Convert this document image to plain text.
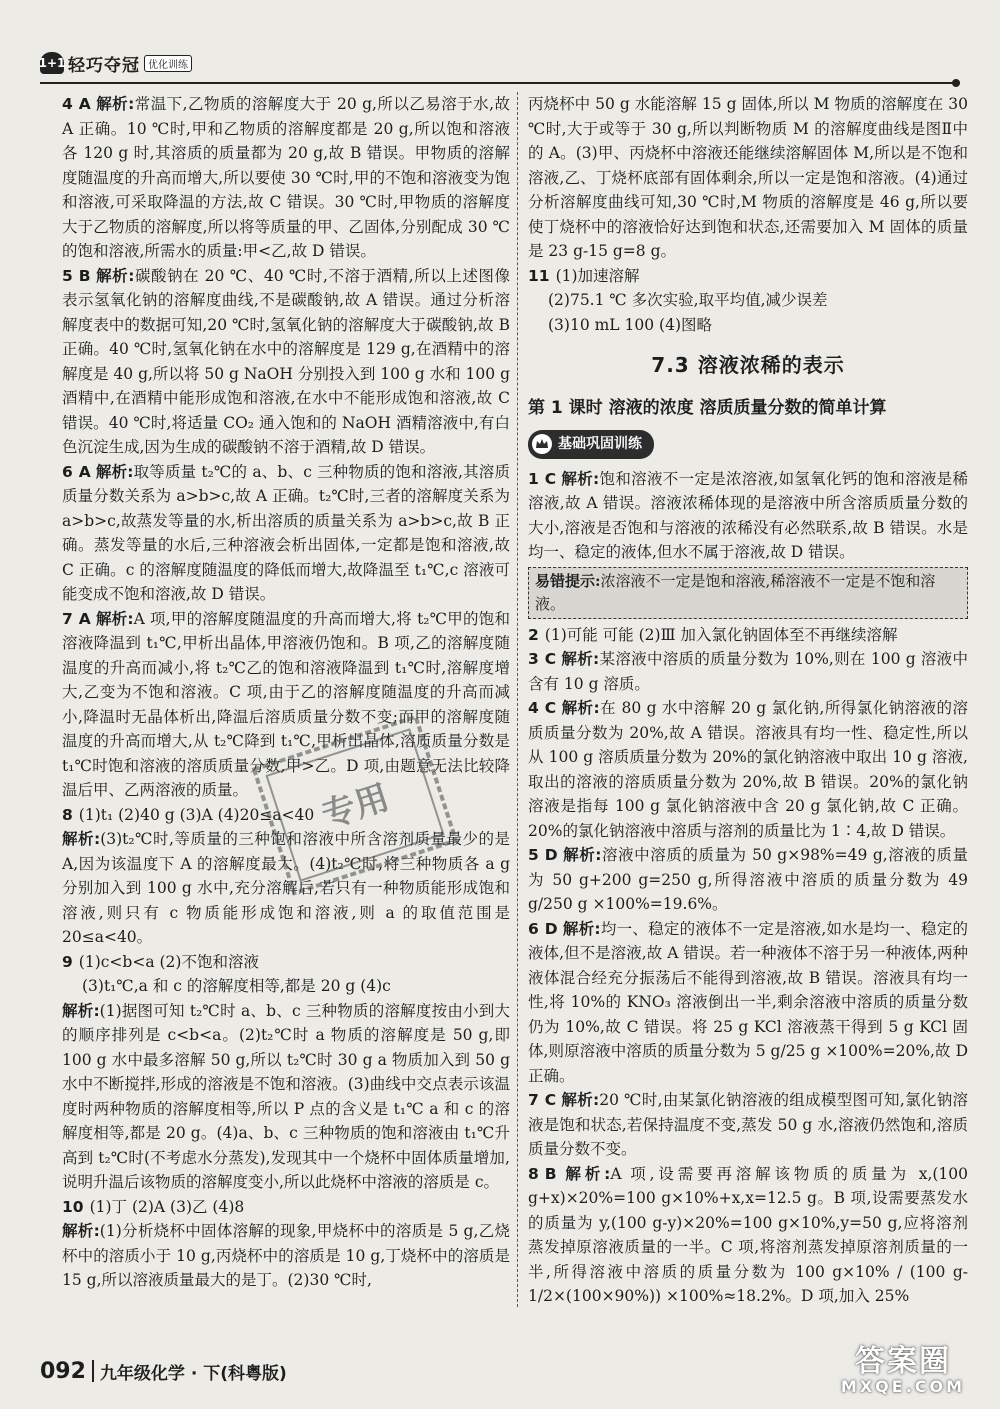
1+1 轻巧夺冠 优化训练
4 A 解析:常温下,乙物质的溶解度大于 20 g,所以乙易溶于水,故 A 正确。10 ℃时,甲和乙物质的溶解度都是 20 g,所以饱和溶液各 120 g 时,其溶质的质量都为 20 g,故 B 错误。甲物质的溶解度随温度的升高而增大,所以要使 30 ℃时,甲的不饱和溶液变为饱和溶液,可采取降温的方法,故 C 错误。30 ℃时,甲物质的溶解度大于乙物质的溶解度,所以将等质量的甲、乙固体,分别配成 30 ℃的饱和溶液,所需水的质量:甲<乙,故 D 错误。
5 B 解析:碳酸钠在 20 ℃、40 ℃时,不溶于酒精,所以上述图像表示氢氧化钠的溶解度曲线,不是碳酸钠,故 A 错误。通过分析溶解度表中的数据可知,20 ℃时,氢氧化钠的溶解度大于碳酸钠,故 B 正确。40 ℃时,氢氧化钠在水中的溶解度是 129 g,在酒精中的溶解度是 40 g,所以将 50 g NaOH 分别投入到 100 g 水和 100 g 酒精中,在酒精中能形成饱和溶液,在水中不能形成饱和溶液,故 C 错误。40 ℃时,将适量 CO₂ 通入饱和的 NaOH 酒精溶液中,有白色沉淀生成,因为生成的碳酸钠不溶于酒精,故 D 错误。
6 A 解析:取等质量 t₂℃的 a、b、c 三种物质的饱和溶液,其溶质质量分数关系为 a>b>c,故 A 正确。t₂℃时,三者的溶解度关系为 a>b>c,故蒸发等量的水,析出溶质的质量关系为 a>b>c,故 B 正确。蒸发等量的水后,三种溶液会析出固体,一定都是饱和溶液,故 C 正确。c 的溶解度随温度的降低而增大,故降温至 t₁℃,c 溶液可能变成不饱和溶液,故 D 错误。
7 A 解析:A 项,甲的溶解度随温度的升高而增大,将 t₂℃甲的饱和溶液降温到 t₁℃,甲析出晶体,甲溶液仍饱和。B 项,乙的溶解度随温度的升高而减小,将 t₂℃乙的饱和溶液降温到 t₁℃时,溶解度增大,乙变为不饱和溶液。C 项,由于乙的溶解度随温度的升高而减小,降温时无晶体析出,降温后溶质质量分数不变;而甲的溶解度随温度的升高而增大,从 t₂℃降到 t₁℃,甲析出晶体,溶质质量分数是 t₁℃时饱和溶液的溶质质量分数,甲>乙。D 项,由题意无法比较降温后甲、乙两溶液的质量。
8 (1)t₁ (2)40 g (3)A (4)20≤a<40
解析:(3)t₂℃时,等质量的三种饱和溶液中所含溶剂质量最少的是 A,因为该温度下 A 的溶解度最大。(4)t₂℃时,将三种物质各 a g 分别加入到 100 g 水中,充分溶解后,若只有一种物质能形成饱和溶液,则只有 c 物质能形成饱和溶液,则 a 的取值范围是 20≤a<40。
9 (1)c<b<a (2)不饱和溶液
(3)t₁℃,a 和 c 的溶解度相等,都是 20 g (4)c
解析:(1)据图可知 t₂℃时 a、b、c 三种物质的溶解度按由小到大的顺序排列是 c<b<a。(2)t₂℃时 a 物质的溶解度是 50 g,即100 g 水中最多溶解 50 g,所以 t₂℃时 30 g a 物质加入到 50 g 水中不断搅拌,形成的溶液是不饱和溶液。(3)曲线中交点表示该温度时两种物质的溶解度相等,所以 P 点的含义是 t₁℃ a 和 c 的溶解度相等,都是 20 g。(4)a、b、c 三种物质的饱和溶液由 t₁℃升高到 t₂℃时(不考虑水分蒸发),发现其中一个烧杯中固体质量增加,说明升温后该物质的溶解度变小,所以此烧杯中溶液的溶质是 c。
10 (1)丁 (2)A (3)乙 (4)8
解析:(1)分析烧杯中固体溶解的现象,甲烧杯中的溶质是 5 g,乙烧杯中的溶质小于 10 g,丙烧杯中的溶质是 10 g,丁烧杯中的溶质是 15 g,所以溶液质量最大的是丁。(2)30 ℃时,
专用
丙烧杯中 50 g 水能溶解 15 g 固体,所以 M 物质的溶解度在 30 ℃时,大于或等于 30 g,所以判断物质 M 的溶解度曲线是图Ⅱ中的 A。(3)甲、丙烧杯中溶液还能继续溶解固体 M,所以是不饱和溶液,乙、丁烧杯底部有固体剩余,所以一定是饱和溶液。(4)通过分析溶解度曲线可知,30 ℃时,M 物质的溶解度是 46 g,所以要使丁烧杯中的溶液恰好达到饱和状态,还需要加入 M 固体的质量是 23 g-15 g=8 g。
11 (1)加速溶解
(2)75.1 ℃ 多次实验,取平均值,减少误差
(3)10 mL 100 (4)图略
7.3 溶液浓稀的表示
第 1 课时 溶液的浓度 溶质质量分数的简单计算
基础巩固训练
1 C 解析:饱和溶液不一定是浓溶液,如氢氧化钙的饱和溶液是稀溶液,故 A 错误。溶液浓稀体现的是溶液中所含溶质质量分数的大小,溶液是否饱和与溶液的浓稀没有必然联系,故 B 错误。水是均一、稳定的液体,但水不属于溶液,故 D 错误。
易错提示:浓溶液不一定是饱和溶液,稀溶液不一定是不饱和溶液。
2 (1)可能 可能 (2)Ⅲ 加入氯化钠固体至不再继续溶解
3 C 解析:某溶液中溶质的质量分数为 10%,则在 100 g 溶液中含有 10 g 溶质。
4 C 解析:在 80 g 水中溶解 20 g 氯化钠,所得氯化钠溶液的溶质质量分数为 20%,故 A 错误。溶液具有均一性、稳定性,所以从 100 g 溶质质量分数为 20%的氯化钠溶液中取出 10 g 溶液,取出的溶液的溶质质量分数为 20%,故 B 错误。20%的氯化钠溶液是指每 100 g 氯化钠溶液中含 20 g 氯化钠,故 C 正确。20%的氯化钠溶液中溶质与溶剂的质量比为 1∶4,故 D 错误。
5 D 解析:溶液中溶质的质量为 50 g×98%=49 g,溶液的质量为 50 g+200 g=250 g,所得溶液中溶质的质量分数为 49 g/250 g ×100%=19.6%。
6 D 解析:均一、稳定的液体不一定是溶液,如水是均一、稳定的液体,但不是溶液,故 A 错误。若一种液体不溶于另一种液体,两种液体混合经充分振荡后不能得到溶液,故 B 错误。溶液具有均一性,将 10%的 KNO₃ 溶液倒出一半,剩余溶液中溶质的质量分数仍为 10%,故 C 错误。将 25 g KCl 溶液蒸干得到 5 g KCl 固体,则原溶液中溶质的质量分数为 5 g/25 g ×100%=20%,故 D 正确。
7 C 解析:20 ℃时,由某氯化钠溶液的组成模型图可知,氯化钠溶液是饱和状态,若保持温度不变,蒸发 50 g 水,溶液仍然饱和,溶质质量分数不变。
8 B 解析:A 项,设需要再溶解该物质的质量为 x,(100 g+x)×20%=100 g×10%+x,x=12.5 g。B 项,设需要蒸发水的质量为 y,(100 g-y)×20%=100 g×10%,y=50 g,应将溶剂蒸发掉原溶液质量的一半。C 项,将溶剂蒸发掉原溶剂质量的一半,所得溶液中溶质的质量分数为 100 g×10% / (100 g-1/2×(100×90%)) ×100%≈18.2%。D 项,加入 25%
092 九年级化学 · 下(科粤版)	答案圈
MXQE.COM
